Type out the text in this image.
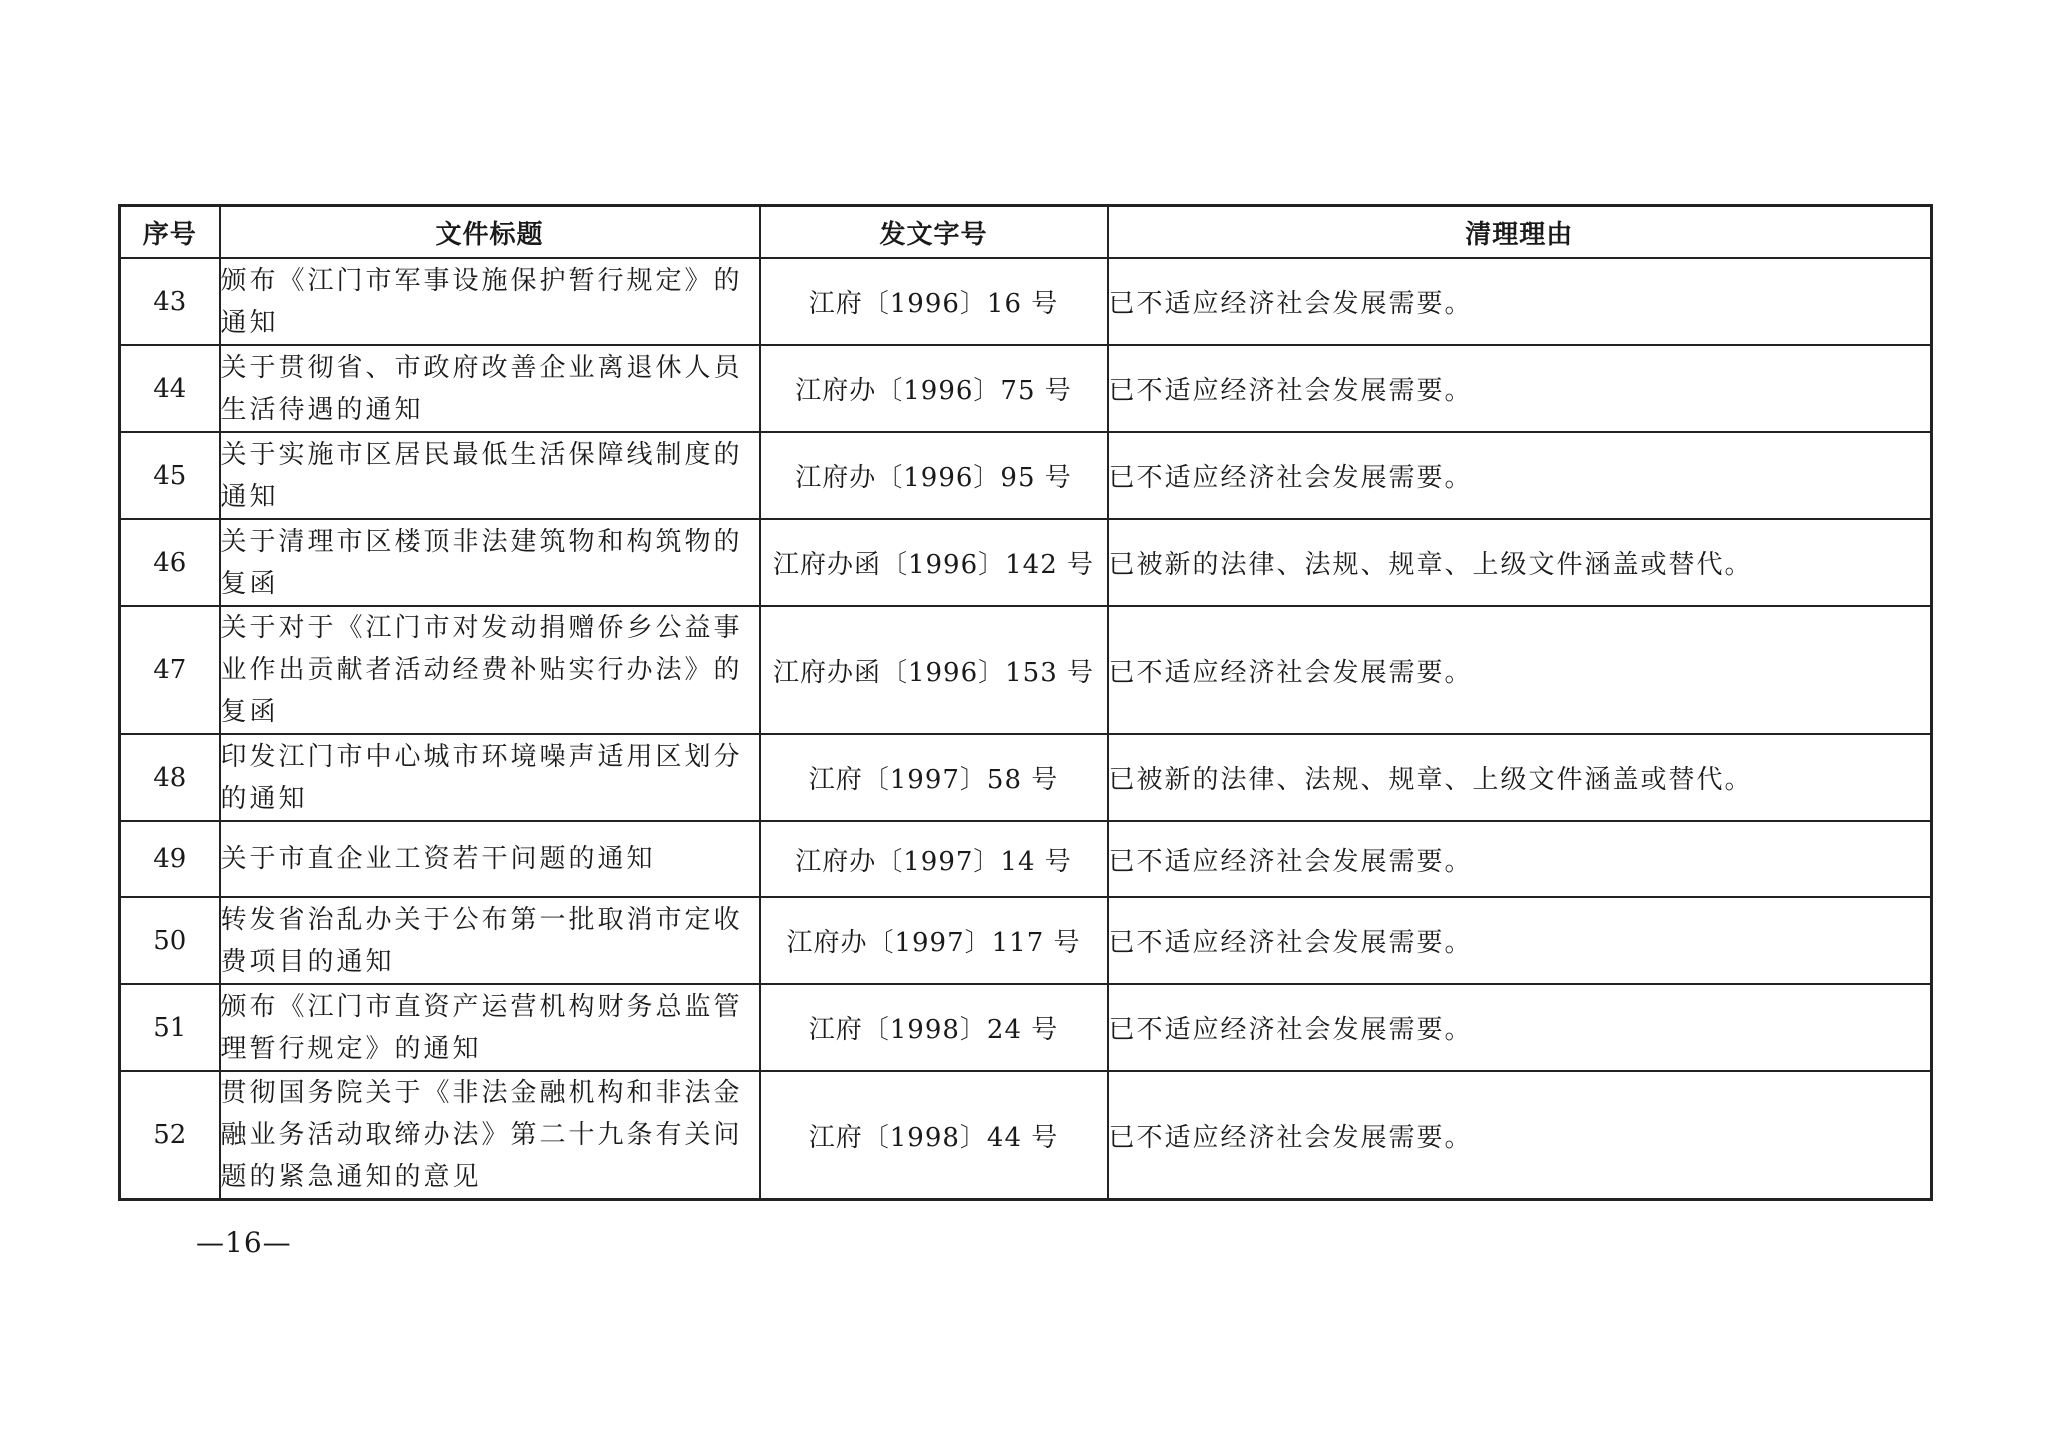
序号	文件标题	发文字号	清理理由
43	颁布《江门市军事设施保护暂行规定》的通知	江府〔1996〕16 号	已不适应经济社会发展需要。
44	关于贯彻省、市政府改善企业离退休人员生活待遇的通知	江府办〔1996〕75 号	已不适应经济社会发展需要。
45	关于实施市区居民最低生活保障线制度的通知	江府办〔1996〕95 号	已不适应经济社会发展需要。
46	关于清理市区楼顶非法建筑物和构筑物的复函	江府办函〔1996〕142 号	已被新的法律、法规、规章、上级文件涵盖或替代。
47	关于对于《江门市对发动捐赠侨乡公益事业作出贡献者活动经费补贴实行办法》的复函	江府办函〔1996〕153 号	已不适应经济社会发展需要。
48	印发江门市中心城市环境噪声适用区划分的通知	江府〔1997〕58 号	已被新的法律、法规、规章、上级文件涵盖或替代。
49	关于市直企业工资若干问题的通知	江府办〔1997〕14 号	已不适应经济社会发展需要。
50	转发省治乱办关于公布第一批取消市定收费项目的通知	江府办〔1997〕117 号	已不适应经济社会发展需要。
51	颁布《江门市直资产运营机构财务总监管理暂行规定》的通知	江府〔1998〕24 号	已不适应经济社会发展需要。
52	贯彻国务院关于《非法金融机构和非法金融业务活动取缔办法》第二十九条有关问题的紧急通知的意见	江府〔1998〕44 号	已不适应经济社会发展需要。
—16—
